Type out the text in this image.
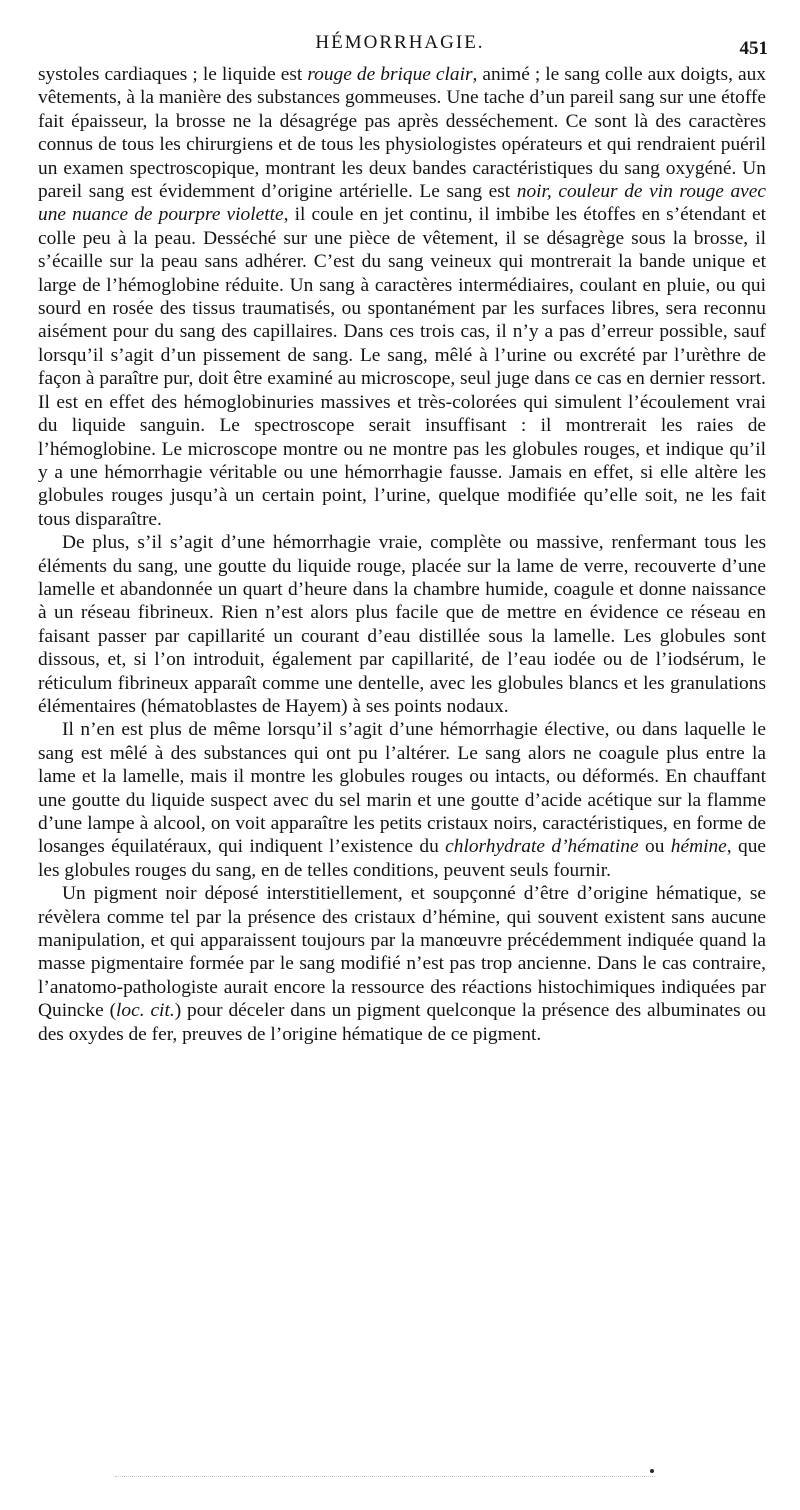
HÉMORRHAGIE.	451

systoles cardiaques ; le liquide est rouge de brique clair, animé ; le sang colle aux doigts, aux vêtements, à la manière des substances gommeuses. Une tache d’un pareil sang sur une étoffe fait épaisseur, la brosse ne la désagrége pas après desséchement. Ce sont là des caractères connus de tous les chirurgiens et de tous les physiologistes opérateurs et qui rendraient puéril un examen spectroscopique, montrant les deux bandes caractéristiques du sang oxygéné. Un pareil sang est évidemment d’origine artérielle. Le sang est noir, couleur de vin rouge avec une nuance de pourpre violette, il coule en jet continu, il imbibe les étoffes en s’étendant et colle peu à la peau. Desséché sur une pièce de vêtement, il se désagrège sous la brosse, il s’écaille sur la peau sans adhérer. C’est du sang veineux qui montrerait la bande unique et large de l’hémoglobine réduite. Un sang à caractères intermédiaires, coulant en pluie, ou qui sourd en rosée des tissus traumatisés, ou spontanément par les surfaces libres, sera reconnu aisément pour du sang des capillaires. Dans ces trois cas, il n’y a pas d’erreur possible, sauf lorsqu’il s’agit d’un pissement de sang. Le sang, mêlé à l’urine ou excrété par l’urèthre de façon à paraître pur, doit être examiné au microscope, seul juge dans ce cas en dernier ressort. Il est en effet des hémoglobinuries massives et très-colorées qui simulent l’écoulement vrai du liquide sanguin. Le spectroscope serait insuffisant : il montrerait les raies de l’hémoglobine. Le microscope montre ou ne montre pas les globules rouges, et indique qu’il y a une hémorrhagie véritable ou une hémorrhagie fausse. Jamais en effet, si elle altère les globules rouges jusqu’à un certain point, l’urine, quelque modifiée qu’elle soit, ne les fait tous disparaître.

De plus, s’il s’agit d’une hémorrhagie vraie, complète ou massive, renfermant tous les éléments du sang, une goutte du liquide rouge, placée sur la lame de verre, recouverte d’une lamelle et abandonnée un quart d’heure dans la chambre humide, coagule et donne naissance à un réseau fibrineux. Rien n’est alors plus facile que de mettre en évidence ce réseau en faisant passer par capillarité un courant d’eau distillée sous la lamelle. Les globules sont dissous, et, si l’on introduit, également par capillarité, de l’eau iodée ou de l’iodsérum, le réticulum fibrineux apparaît comme une dentelle, avec les globules blancs et les granulations élémentaires (hématoblastes de Hayem) à ses points nodaux.

Il n’en est plus de même lorsqu’il s’agit d’une hémorrhagie élective, ou dans laquelle le sang est mêlé à des substances qui ont pu l’altérer. Le sang alors ne coagule plus entre la lame et la lamelle, mais il montre les globules rouges ou intacts, ou déformés. En chauffant une goutte du liquide suspect avec du sel marin et une goutte d’acide acétique sur la flamme d’une lampe à alcool, on voit apparaître les petits cristaux noirs, caractéristiques, en forme de losanges équilatéraux, qui indiquent l’existence du chlorhydrate d’hématine ou hémine, que les globules rouges du sang, en de telles conditions, peuvent seuls fournir.

Un pigment noir déposé interstitiellement, et soupçonné d’être d’origine hématique, se révèlera comme tel par la présence des cristaux d’hémine, qui souvent existent sans aucune manipulation, et qui apparaissent toujours par la manœuvre précédemment indiquée quand la masse pigmentaire formée par le sang modifié n’est pas trop ancienne. Dans le cas contraire, l’anatomo-pathologiste aurait encore la ressource des réactions histochimiques indiquées par Quincke (loc. cit.) pour déceler dans un pigment quelconque la présence des albuminates ou des oxydes de fer, preuves de l’origine hématique de ce pigment.
